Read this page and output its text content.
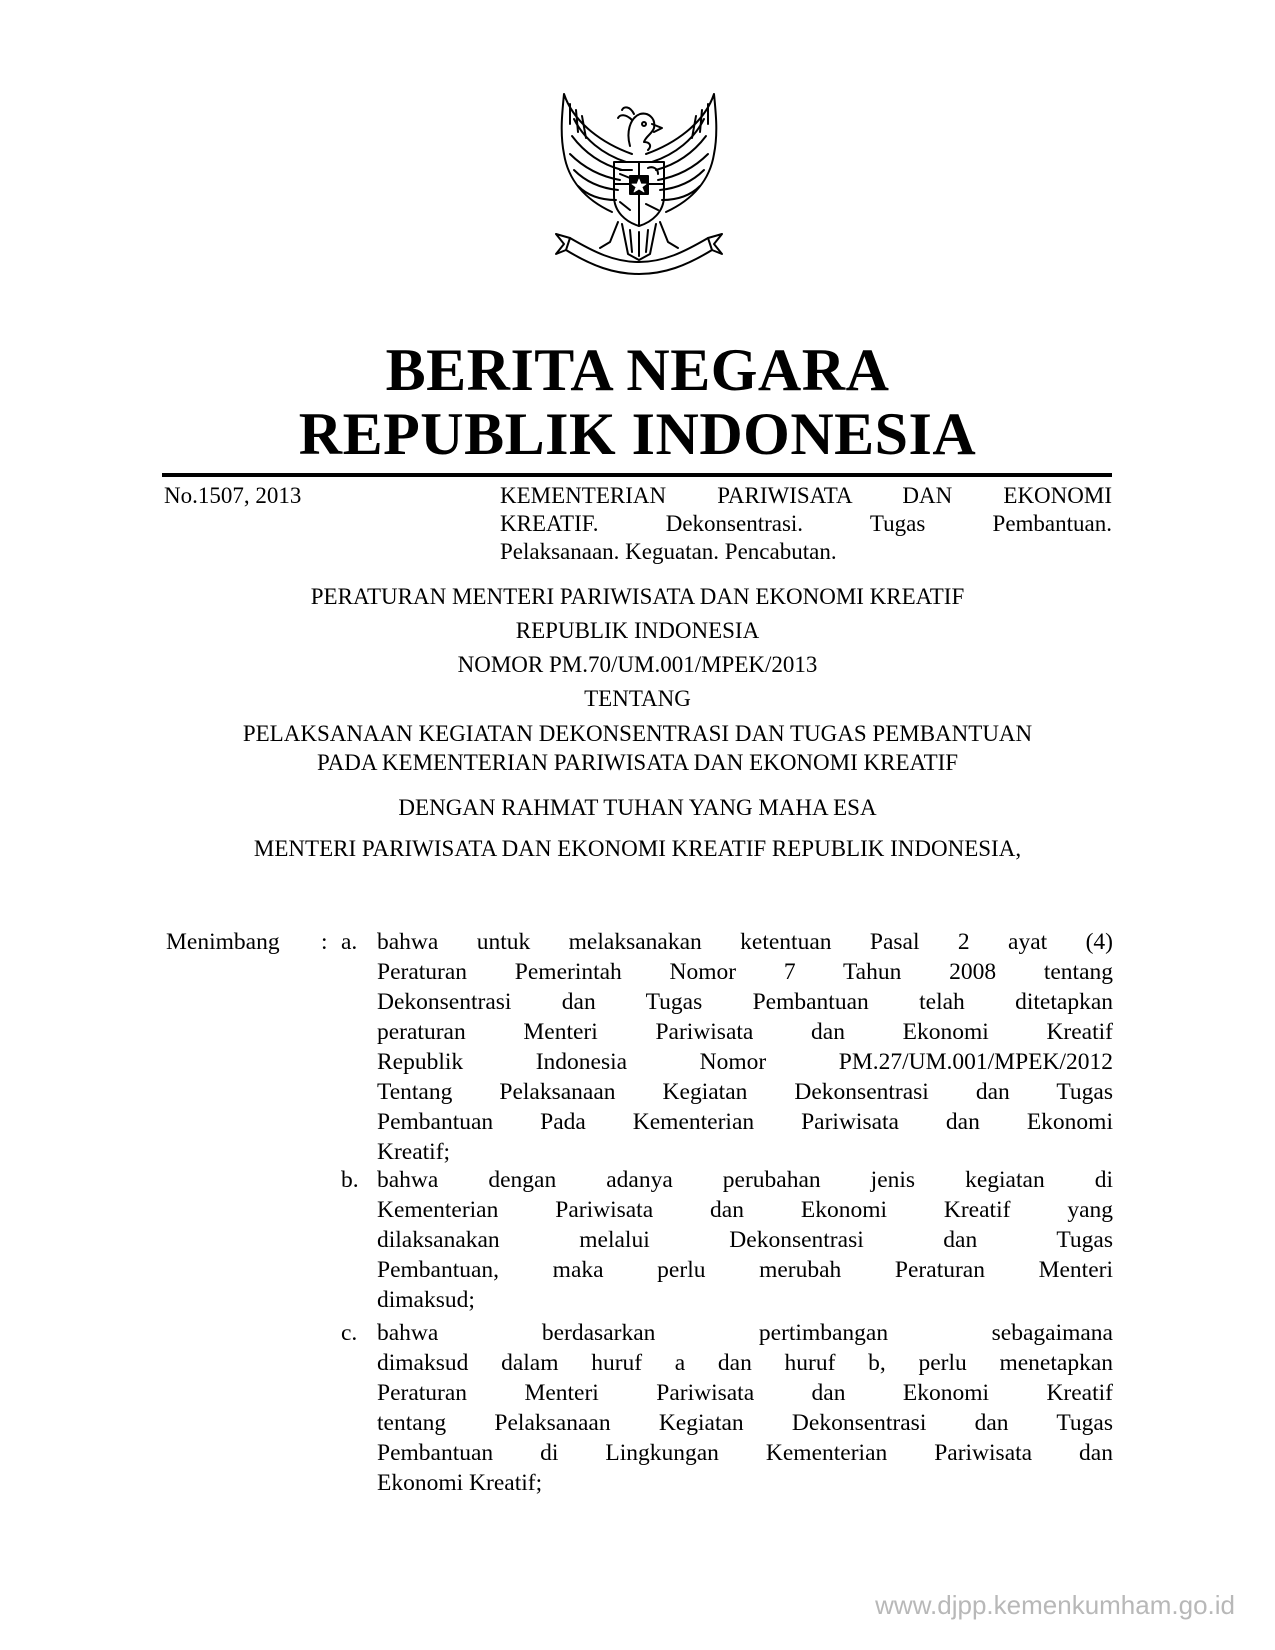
BERITA NEGARA
REPUBLIK INDONESIA
No.1507, 2013	KEMENTERIAN PARIWISATA DAN EKONOMI
KREATIF. Dekonsentrasi. Tugas Pembantuan.
Pelaksanaan. Keguatan. Pencabutan.
PERATURAN MENTERI PARIWISATA DAN EKONOMI KREATIF
REPUBLIK INDONESIA
NOMOR PM.70/UM.001/MPEK/2013
TENTANG
PELAKSANAAN KEGIATAN DEKONSENTRASI DAN TUGAS PEMBANTUAN
PADA KEMENTERIAN PARIWISATA DAN EKONOMI KREATIF
DENGAN RAHMAT TUHAN YANG MAHA ESA
MENTERI PARIWISATA DAN EKONOMI KREATIF REPUBLIK INDONESIA,
Menimbang : a. bahwa untuk melaksanakan ketentuan Pasal 2 ayat (4)
Peraturan Pemerintah Nomor 7 Tahun 2008 tentang
Dekonsentrasi dan Tugas Pembantuan telah ditetapkan
peraturan Menteri Pariwisata dan Ekonomi Kreatif
Republik Indonesia Nomor PM.27/UM.001/MPEK/2012
Tentang Pelaksanaan Kegiatan Dekonsentrasi dan Tugas
Pembantuan Pada Kementerian Pariwisata dan Ekonomi
Kreatif;
b. bahwa dengan adanya perubahan jenis kegiatan di
Kementerian Pariwisata dan Ekonomi Kreatif yang
dilaksanakan melalui Dekonsentrasi dan Tugas
Pembantuan, maka perlu merubah Peraturan Menteri
dimaksud;
c. bahwa berdasarkan pertimbangan sebagaimana
dimaksud dalam huruf a dan huruf b, perlu menetapkan
Peraturan Menteri Pariwisata dan Ekonomi Kreatif
tentang Pelaksanaan Kegiatan Dekonsentrasi dan Tugas
Pembantuan di Lingkungan Kementerian Pariwisata dan
Ekonomi Kreatif;
www.djpp.kemenkumham.go.id
